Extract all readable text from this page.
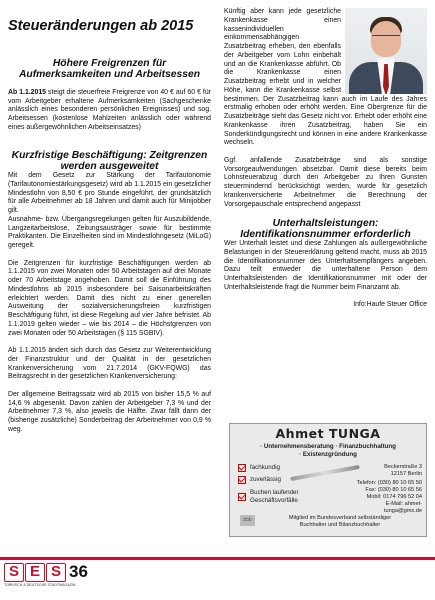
Steueränderungen ab 2015
Höhere Freigrenzen für Aufmerksamkeiten und Arbeitsessen

Ab 1.1.2015 steigt die steuerfreie Freigrenze von 40 € auf 60 € für vom Arbeitgeber erhaltene Aufmerksamkeiten (Sachgeschenke anlässlich eines besonderen persönlichen Ereignisses) und sog. Arbeitsessen (kostenlose Mahlzeiten anlässlich oder während eines außergewöhnlichen Arbeitseinsatzes)

Kurzfristige Beschäftigung: Zeitgrenzen werden ausgeweitet

Mit dem Gesetz zur Stärkung der Tarifautonomie (Tarifautonomiestärkungsgesetz) wird ab 1.1.2015 ein gesetzlicher Mindestlohn von 8,50 € pro Stunde eingeführt, der grundsätzlich für alle Arbeitnehmer ab 18 Jahren und damit auch für Minijobber gilt.

Ausnahme- bzw. Übergangsregelungen gelten für Auszubildende, Langzeitarbeitslose, Zeitungsausträger sowie für bestimmte Praktikanten. Die Einzelheiten sind im Mindestlohngesetz (MiLoG) geregelt.

Die Zeitgrenzen für kurzfristige Beschäftigungen werden ab 1.1.2015 von zwei Monaten oder 50 Arbeitstagen auf drei Monate oder 70 Arbeitstage angehoben. Damit soll die Einführung des Mindestlohns ab 2015 insbesondere bei Saisonarbeitskräften erleichtert werden. Damit dies nicht zu einer generellen Ausweitung der sozialversicherungsfreien kurzfristigen Beschäftigung führt, ist diese Regelung auf vier Jahre befristet. Ab 1.1.2019 gelten wieder – wie bis 2014 – die Höchstgrenzen von zwei Monaten oder 50 Arbeitstagen (§ 115 SGBIV).

Ab 1.1.2015 ändert sich durch das Gesetz zur Weiterentwicklung der Finanzstruktur und der Qualität in der gesetzlichen Krankenversicherung vom 21.7.2014 (GKV-FQWG) das Beitragsrecht in der gesetzlichen Krankenversicherung:

Der allgemeine Beitragssatz wird ab 2015 von bisher 15,5 % auf 14,6 % abgesenkt. Davon zahlen der Arbeitgeber 7,3 % und der Arbeitnehmer 7,3 %, also jeweils die Hälfte. Zwar fällt dann der (bisherige zusätzliche) Sonderbeitrag der Arbeitnehmer von 0,9 % weg.

Künftig aber kann jede gesetzliche Krankenkasse einen kassenindividuellen einkommensabhängigen Zusatzbeitrag erheben, den ebenfalls der Arbeitgeber vom Lohn einbehält und an die Krankenkasse abführt. Ob die Krankenkasse einen Zusatzbeitrag erhebt und in welcher Höhe, kann die Krankenkasse selbst bestimmen. Der Zusatzbeitrag kann auch im Laufe des Jahres erstmalig erhoben oder erhöht werden. Eine Obergrenze für die Zusatzbeiträge sieht das Gesetz nicht vor. Erhebt oder erhöht eine Krankenkasse ihren Zusatzbeitrag, haben Sie ein Sonderkündigungsrecht und können in eine andere Krankenkasse wechseln.

Ggf. anfallende Zusatzbeiträge sind als sonstige Vorsorgeaufwendungen absetzbar. Damit diese bereits beim Lohnsteuerabzug durch den Arbeitgeber zu Ihren Gunsten steuermindernd berücksichtigt werden, wurde für gesetzlich krankenversicherte Arbeitnehmer die Berechnung der Vorsorgepauschale entsprechend angepasst

Unterhaltsleistungen: Identifikationsnummer erforderlich

Wer Unterhalt leistet und diese Zahlungen als außergewöhnliche Belastungen in der Steuererklärung geltend macht, muss ab 2015 die Identifikationsnummer des Unterhaltsempfängers angeben. Dazu teilt entweder die unterhaltene Person dem Unterhaltsleistenden die Identifikationsnummer mit oder der Unterhaltsleistende fragt die Nummer beim Finanzamt ab.

Info:Haufe Steuer Office

Ahmet TUNGA
· Unternehmensberatung · Finanzbuchhaltung
· Existenzgründung
fachkundig
zuverlässig
Buchen laufender Geschäftsvorfälle
Beckerstraße 3
12157 Berlin
Telefon: (030) 80 10 65 50
Fax: (030) 80 10 65 56
Mobil: 0174 796 52 04
E-Mail: ahmet-tunga@gmx.de
bbb	Mitglied im Bundesverband selbständiger
Buchhalter und Bilanzbuchhalter
S E S 36
TÜRKISCH & DEUTSCHE STADTMAGAZIN
